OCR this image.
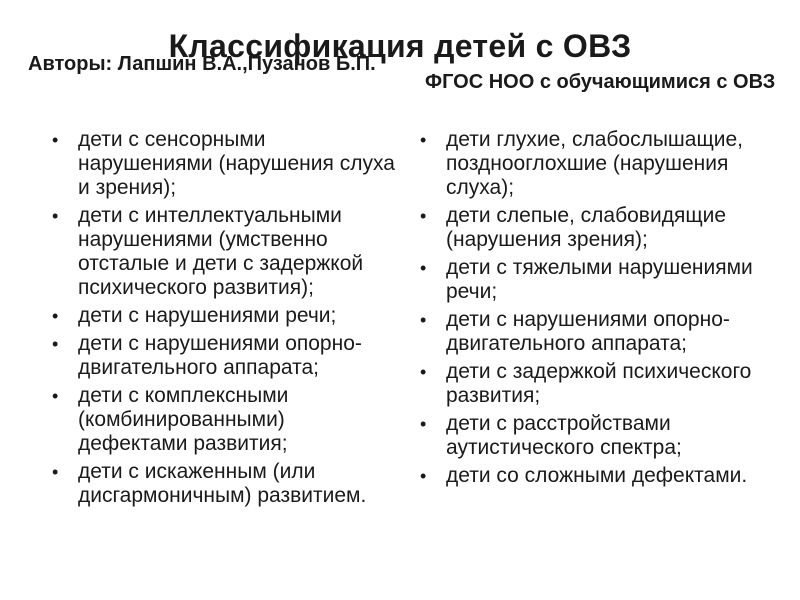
Классификация детей с ОВЗ
Авторы: Лапшин В.А.,Пузанов Б.П.
ФГОС НОО с обучающимися с ОВЗ
• дети с сенсорными нарушениями (нарушения слуха и зрения);
• дети с интеллектуальными нарушениями (умственно отсталые и дети с задержкой психического развития);
• дети с нарушениями речи;
• дети с нарушениями опорно-двигательного аппарата;
• дети с комплексными (комбинированными) дефектами развития;
• дети с искаженным (или дисгармоничным) развитием.
• дети глухие, слабослышащие, позднооглохшие (нарушения слуха);
• дети слепые, слабовидящие (нарушения зрения);
• дети с тяжелыми нарушениями речи;
• дети с нарушениями опорно-двигательного аппарата;
• дети с задержкой психического развития;
• дети с расстройствами аутистического спектра;
• дети со сложными дефектами.
